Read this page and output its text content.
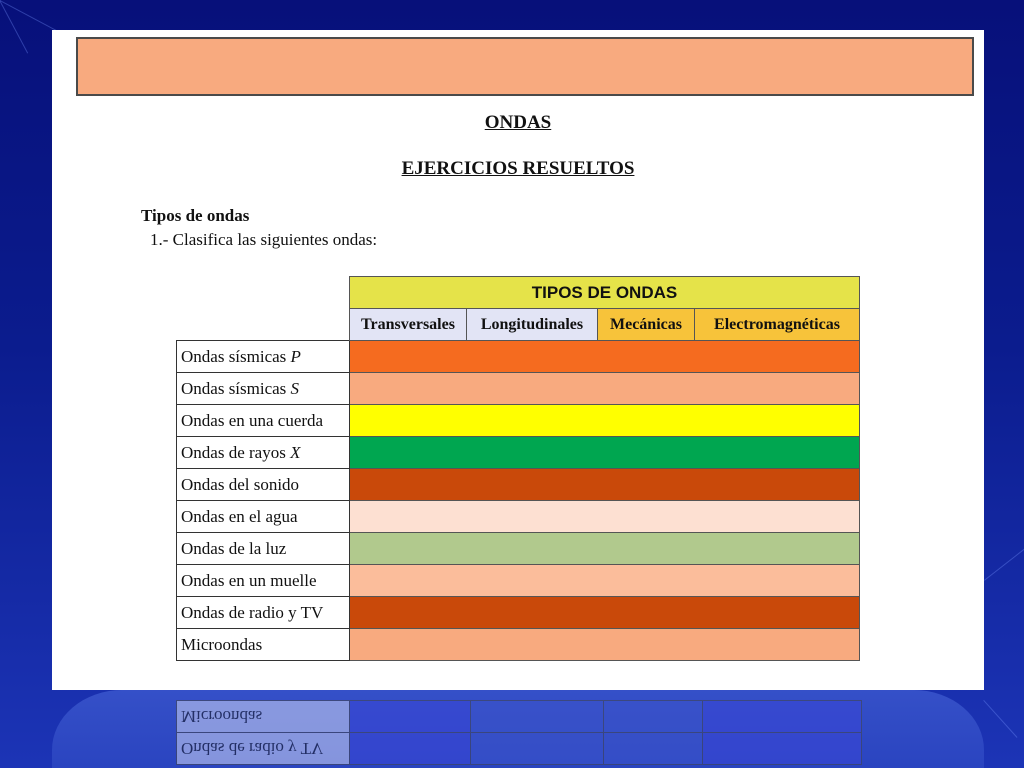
Ondas de radio y TV				
Microondas				
ONDAS
EJERCICIOS RESUELTOS
Tipos de ondas
1.- Clasifica las siguientes ondas:
	TIPOS DE ONDAS			
	Transversales	Longitudinales	Mecánicas	Electromagnéticas
Ondas sísmicas P				
Ondas sísmicas S				
Ondas en una cuerda				
Ondas de rayos X				
Ondas del sonido				
Ondas en el agua				
Ondas de la luz				
Ondas en un muelle				
Ondas de radio y TV				
Microondas				
